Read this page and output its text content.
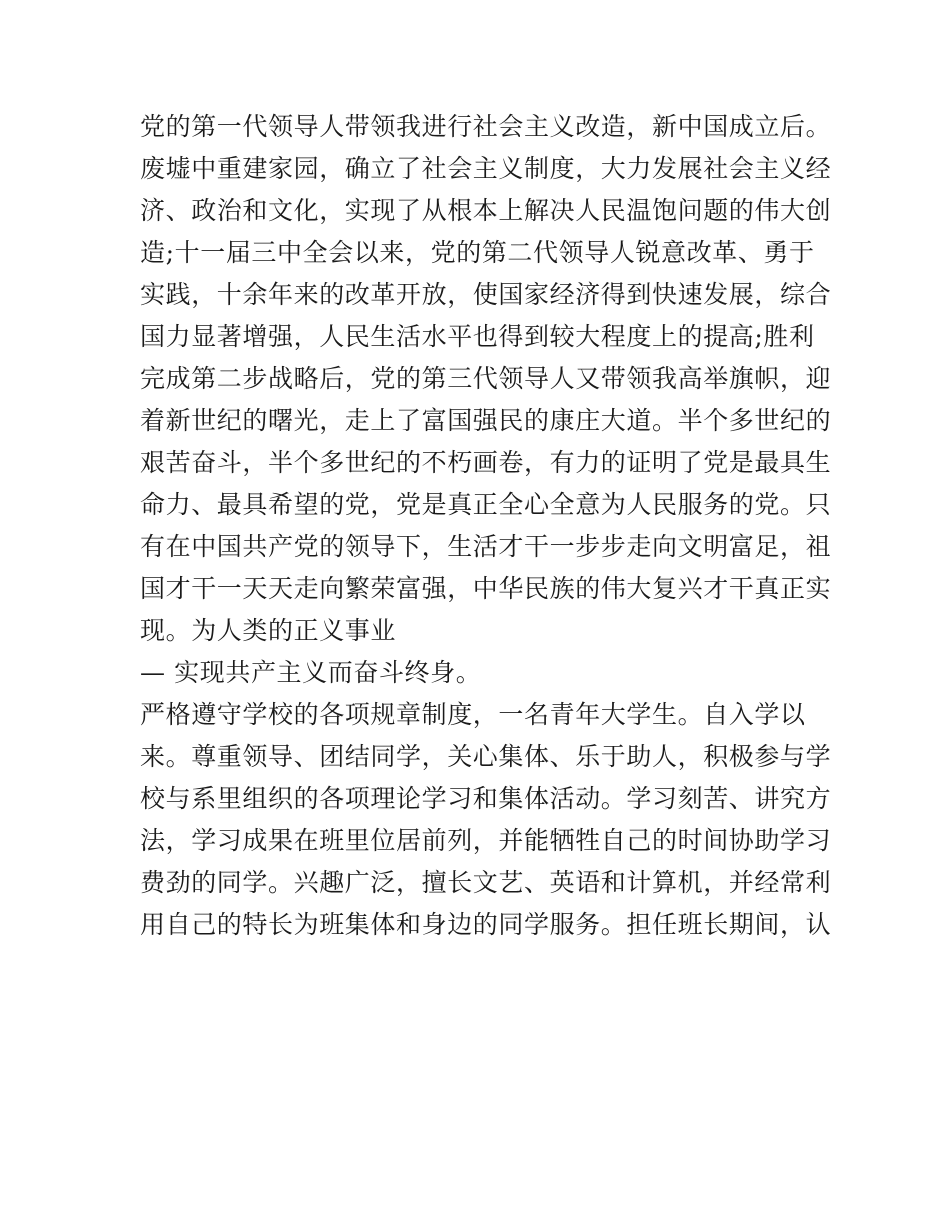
党的第一代领导人带领我进行社会主义改造，新中国成立后。
废墟中重建家园，确立了社会主义制度，大力发展社会主义经
济、政治和文化，实现了从根本上解决人民温饱问题的伟大创
造;十一届三中全会以来，党的第二代领导人锐意改革、勇于
实践，十余年来的改革开放，使国家经济得到快速发展，综合
国力显著增强，人民生活水平也得到较大程度上的提高;胜利
完成第二步战略后，党的第三代领导人又带领我高举旗帜，迎
着新世纪的曙光，走上了富国强民的康庄大道。半个多世纪的
艰苦奋斗，半个多世纪的不朽画卷，有力的证明了党是最具生
命力、最具希望的党，党是真正全心全意为人民服务的党。只
有在中国共产党的领导下，生活才干一步步走向文明富足，祖
国才干一天天走向繁荣富强，中华民族的伟大复兴才干真正实
现。为人类的正义事业
— 实现共产主义而奋斗终身。
严格遵守学校的各项规章制度，一名青年大学生。自入学以
来。尊重领导、团结同学，关心集体、乐于助人，积极参与学
校与系里组织的各项理论学习和集体活动。学习刻苦、讲究方
法，学习成果在班里位居前列，并能牺牲自己的时间协助学习
费劲的同学。兴趣广泛，擅长文艺、英语和计算机，并经常利
用自己的特长为班集体和身边的同学服务。担任班长期间，认
